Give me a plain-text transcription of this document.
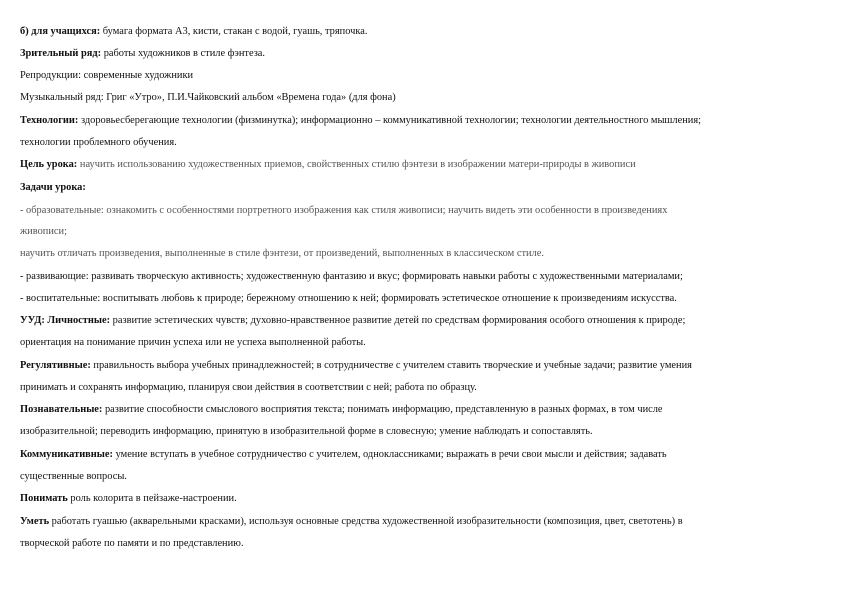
б) для учащихся: бумага формата А3, кисти, стакан с водой, гуашь, тряпочка.
Зрительный ряд: работы художников в стиле фэнтеза.
Репродукции: современные художники
Музыкальный ряд: Григ «Утро», П.И.Чайковский альбом «Времена года» (для фона)
Технологии: здоровьесберегающие технологии (физминутка); информационно – коммуникативной технологии; технологии деятельностного мышления;
технологии проблемного обучения.
Цель урока: научить использованию художественных приемов, свойственных стилю фэнтези в изображении матери-природы в живописи
Задачи урока:
- образовательные: ознакомить с особенностями портретного изображения как стиля живописи; научить видеть эти особенности в произведениях
живописи;
научить отличать произведения, выполненные в стиле фэнтези, от произведений, выполненных в классическом стиле.
- развивающие: развивать творческую активность; художественную фантазию и вкус; формировать навыки работы с художественными материалами;
- воспитательные: воспитывать любовь к природе; бережному отношению к ней; формировать эстетическое отношение к произведениям искусства.
УУД: Личностные: развитие эстетических чувств; духовно-нравственное развитие детей по средствам формирования особого отношения к природе;
ориентация на понимание причин успеха или не успеха выполненной работы.
Регулятивные: правильность выбора учебных принадлежностей; в сотрудничестве с учителем ставить творческие и учебные задачи; развитие умения
принимать и сохранять информацию, планируя свои действия в соответствии с ней; работа по образцу.
Познавательные: развитие способности смыслового восприятия текста; понимать информацию, представленную в разных формах, в том числе
изобразительной; переводить информацию, принятую в изобразительной форме в словесную; умение наблюдать и сопоставлять.
Коммуникативные: умение вступать в учебное сотрудничество с учителем, одноклассниками; выражать в речи свои мысли и действия; задавать
существенные вопросы.
Понимать роль колорита в пейзаже-настроении.
Уметь работать гуашью (акварельными красками), используя основные средства художественной изобразительности (композиция, цвет, светотень) в
творческой работе по памяти и по представлению.
